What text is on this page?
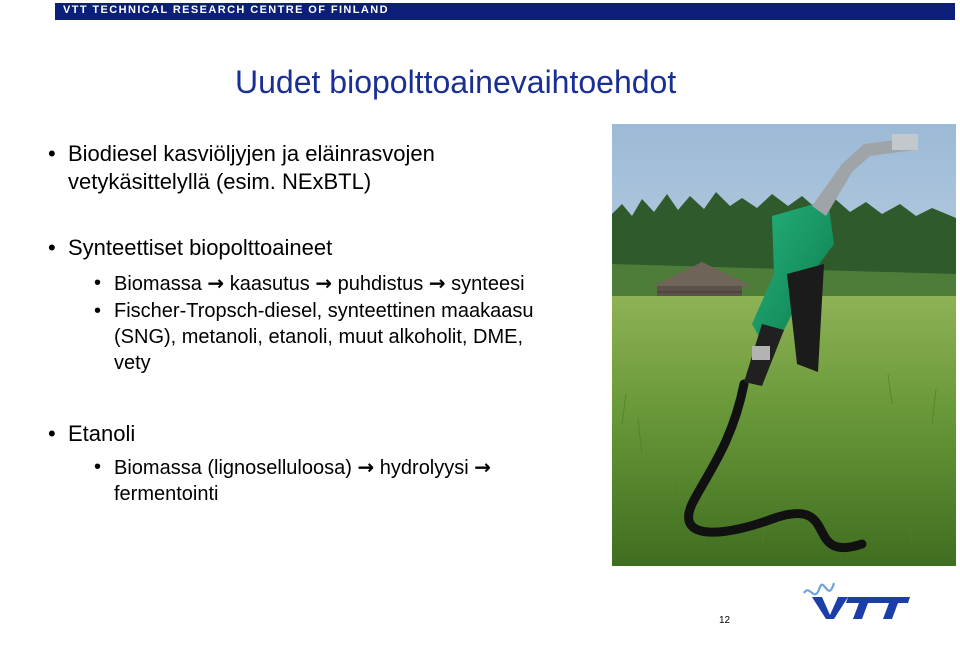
VTT TECHNICAL RESEARCH CENTRE OF FINLAND
Uudet biopolttoainevaihtoehdot
• Biodiesel kasviöljyjen ja eläinrasvojen
vetykäsittelyllä (esim. NExBTL)
• Synteettiset biopolttoaineet
• Biomassa → kaasutus → puhdistus → synteesi
• Fischer-Tropsch-diesel, synteettinen maakaasu
(SNG), metanoli, etanoli, muut alkoholit, DME,
vety
• Etanoli
• Biomassa (lignoselluloosa) → hydrolyysi →
fermentointi
12
